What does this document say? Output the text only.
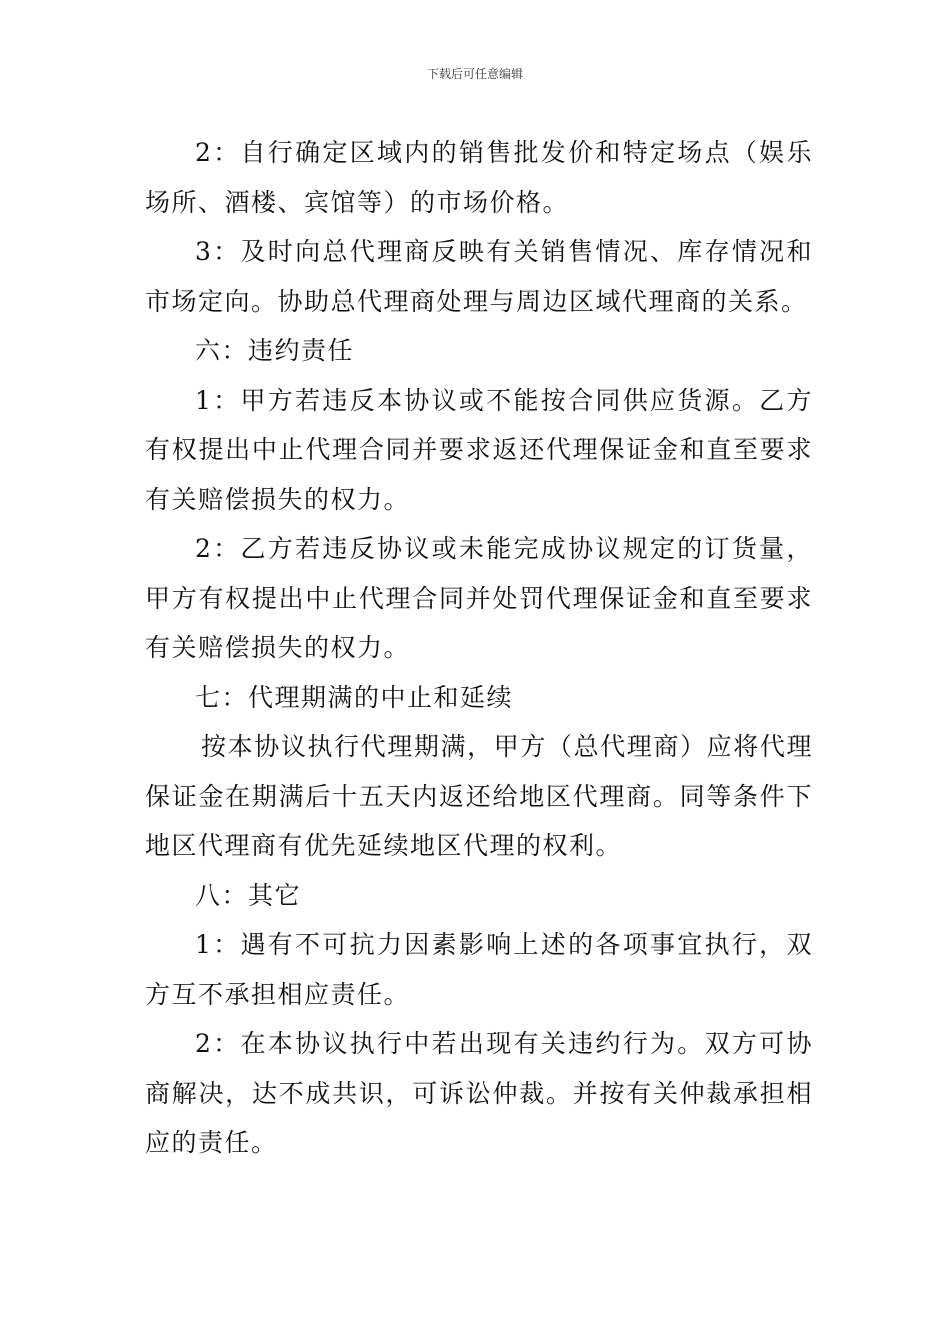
下载后可任意编辑

2：自行确定区域内的销售批发价和特定场点（娱乐场所、酒楼、宾馆等）的市场价格。

3：及时向总代理商反映有关销售情况、库存情况和市场定向。协助总代理商处理与周边区域代理商的关系。

六：违约责任

1：甲方若违反本协议或不能按合同供应货源。乙方有权提出中止代理合同并要求返还代理保证金和直至要求有关赔偿损失的权力。

2：乙方若违反协议或未能完成协议规定的订货量，甲方有权提出中止代理合同并处罚代理保证金和直至要求有关赔偿损失的权力。

七：代理期满的中止和延续

按本协议执行代理期满，甲方（总代理商）应将代理保证金在期满后十五天内返还给地区代理商。同等条件下地区代理商有优先延续地区代理的权利。

八：其它

1：遇有不可抗力因素影响上述的各项事宜执行，双方互不承担相应责任。

2：在本协议执行中若出现有关违约行为。双方可协商解决，达不成共识，可诉讼仲裁。并按有关仲裁承担相应的责任。
